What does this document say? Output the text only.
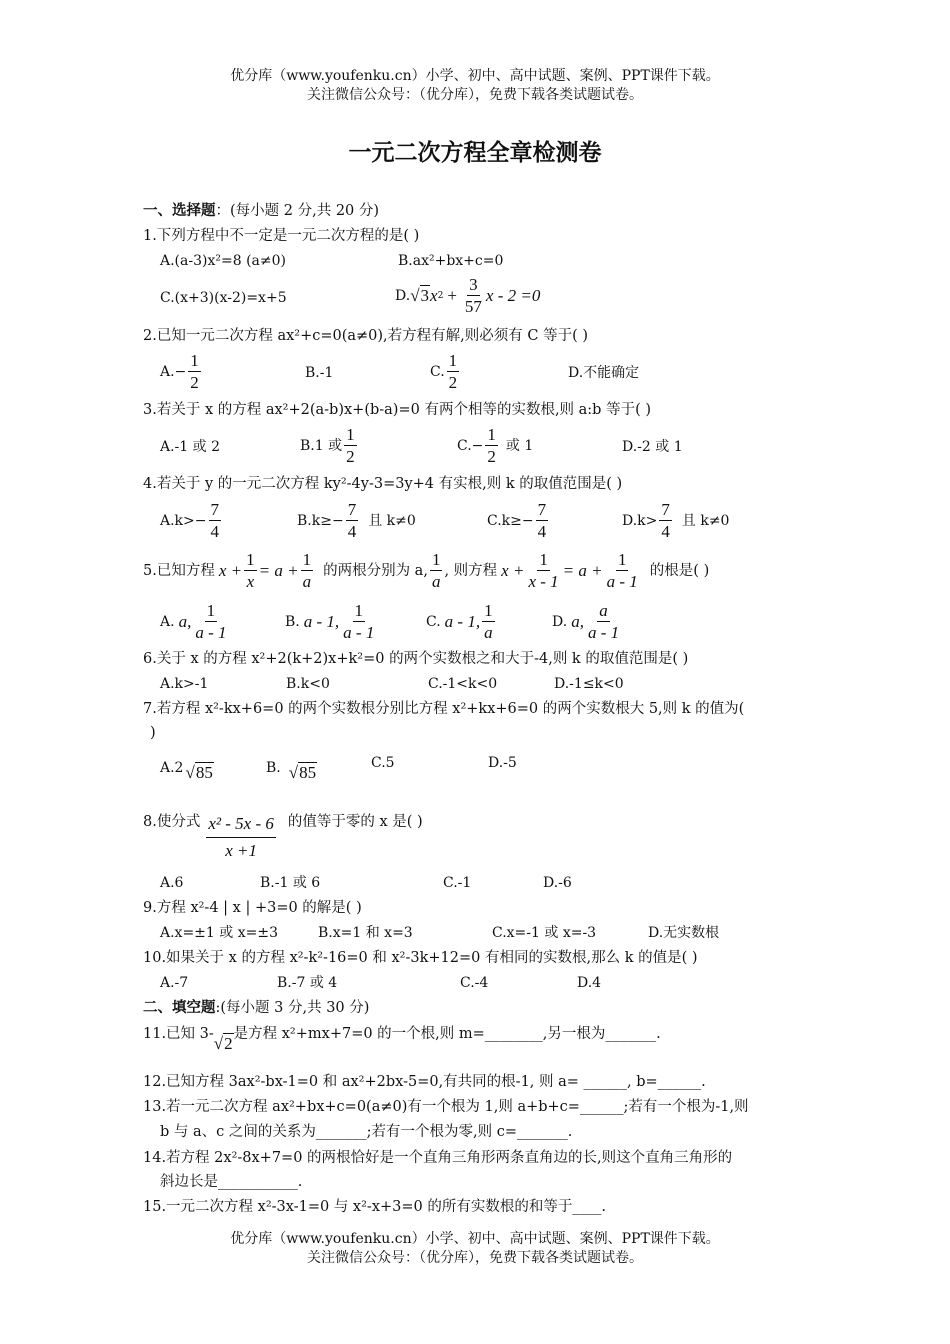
优分库（www.youfenku.cn）小学、初中、高中试题、案例、PPT课件下载。
关注微信公众号：（优分库），免费下载各类试题试卷。
一元二次方程全章检测卷
一、选择题：(每小题 2 分,共 20 分)
1.下列方程中不一定是一元二次方程的是( )
A.(a-3)x²=8 (a≠0)	B.ax²+bx+c=0
C.(x+3)(x-2)=x+5	D. √3 x $2 + \frac{3}{57}$ x - 2 =0
2.已知一元二次方程 ax²+c=0(a≠0),若方程有解,则必须有 C 等于( )
$A.- \frac{1}{2}$	B.-1	C. $\frac{1}{2}$	D.不能确定
3.若关于 x 的方程 ax²+2(a-b)x+(b-a)=0 有两个相等的实数根,则 a:b 等于( )
A.-1 或 2	B.1 或 $\frac{1}{2}$	$C.- \frac{1}{2}$ 或 1	D.-2 或 1
4.若关于 y 的一元二次方程 ky²-4y-3=3y+4 有实根,则 k 的取值范围是( )
$A.k>- \frac{7}{4}$	$B.k\ge- \frac{7}{4}$ 且 k≠0	$C.k\ge- \frac{7}{4}$	$D.k> \frac{7}{4}$ 且 k≠0
5.已知方程 $x + \frac{1}{x} = a + \frac{1}{a}$ 的两根分别为 a, $\frac{1}{a}$ , 则方程 $x + \frac{1}{x - 1} = a + \frac{1}{a - 1}$ 的根是( )
A. a, $\frac{1}{a - 1}$	B. a - 1, $\frac{1}{a - 1}$	C. a - 1, $\frac{1}{a}$	D. a, $\frac{a}{a - 1}$
6.关于 x 的方程 x²+2(k+2)x+k²=0 的两个实数根之和大于-4,则 k 的取值范围是( )
A.k>-1	B.k<0	C.-1<k<0	D.-1≤k<0
7.若方程 x²-kx+6=0 的两个实数根分别比方程 x²+kx+6=0 的两个实数根大 5,则 k 的值为(
)
A.2 √85	B. √85	C.5	D.-5
8.使分式 $\frac{\text{x² - 5x - 6}}{x +1}$ 的值等于零的 x 是( )
A.6	B.-1 或 6	C.-1	D.-6
9.方程 x²-4 | x | +3=0 的解是( )
A.x=±1 或 x=±3	B.x=1 和 x=3	C.x=-1 或 x=-3	D.无实数根
10.如果关于 x 的方程 x²-k²-16=0 和 x²-3k+12=0 有相同的实数根,那么 k 的值是( )
A.-7	B.-7 或 4	C.-4	D.4
二、填空题:(每小题 3 分,共 30 分)
11.已知 3- √2 是方程 x²+mx+7=0 的一个根,则 m=________,另一根为_______.
12.已知方程 3ax²-bx-1=0 和 ax²+2bx-5=0,有共同的根-1, 则 a= ______, b=______.
13.若一元二次方程 ax²+bx+c=0(a≠0)有一个根为 1,则 a+b+c=______;若有一个根为-1,则
b 与 a、c 之间的关系为_______;若有一个根为零,则 c=_______.
14.若方程 2x²-8x+7=0 的两根恰好是一个直角三角形两条直角边的长,则这个直角三角形的
斜边长是___________.
15.一元二次方程 x²-3x-1=0 与 x²-x+3=0 的所有实数根的和等于____.
优分库（www.youfenku.cn）小学、初中、高中试题、案例、PPT课件下载。
关注微信公众号：（优分库），免费下载各类试题试卷。
